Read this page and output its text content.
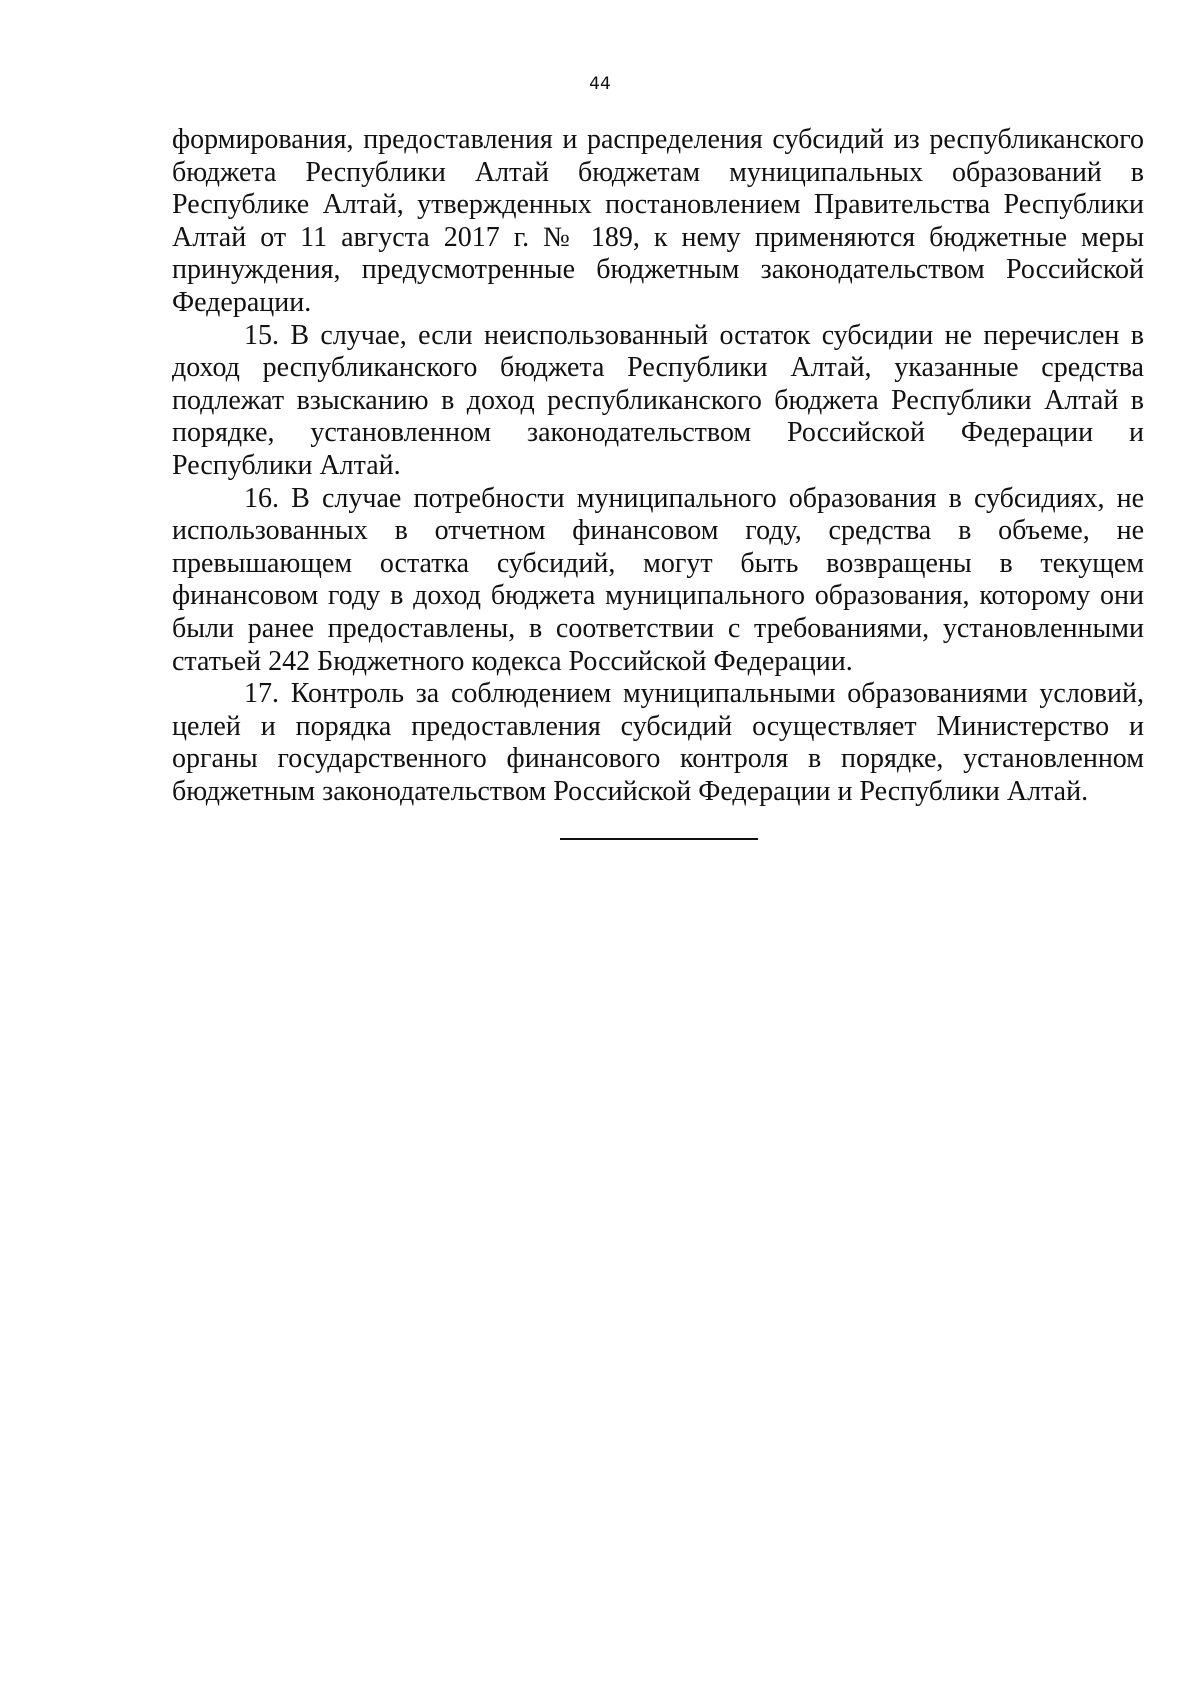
44

формирования, предоставления и распределения субсидий из республиканского бюджета Республики Алтай бюджетам муниципальных образований в Республике Алтай, утвержденных постановлением Правительства Республики Алтай от 11 августа 2017 г. № 189, к нему применяются бюджетные меры принуждения, предусмотренные бюджетным законодательством Российской Федерации.

15. В случае, если неиспользованный остаток субсидии не перечислен в доход республиканского бюджета Республики Алтай, указанные средства подлежат взысканию в доход республиканского бюджета Республики Алтай в порядке, установленном законодательством Российской Федерации и Республики Алтай.

16. В случае потребности муниципального образования в субсидиях, не использованных в отчетном финансовом году, средства в объеме, не превышающем остатка субсидий, могут быть возвращены в текущем финансовом году в доход бюджета муниципального образования, которому они были ранее предоставлены, в соответствии с требованиями, установленными статьей 242 Бюджетного кодекса Российской Федерации.

17. Контроль за соблюдением муниципальными образованиями условий, целей и порядка предоставления субсидий осуществляет Министерство и органы государственного финансового контроля в порядке, установленном бюджетным законодательством Российской Федерации и Республики Алтай.
